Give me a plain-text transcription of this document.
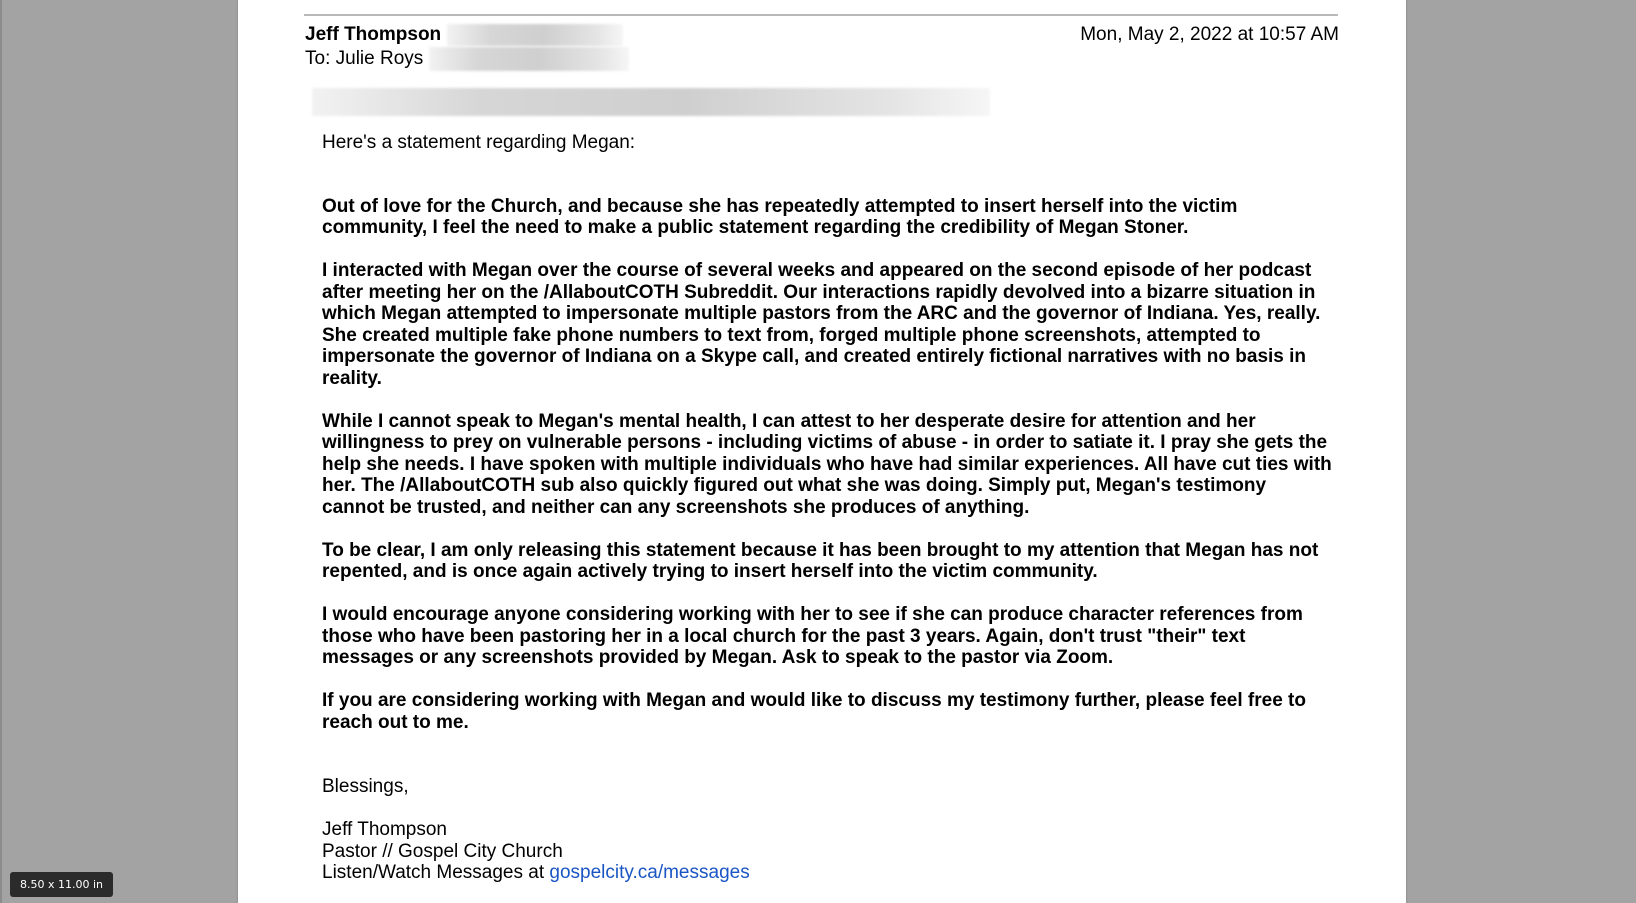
Jeff Thompson	Mon, May 2, 2022 at 10:57 AM
To: Julie Roys

Here's a statement regarding Megan:

Out of love for the Church, and because she has repeatedly attempted to insert herself into the victim community, I feel the need to make a public statement regarding the credibility of Megan Stoner.

I interacted with Megan over the course of several weeks and appeared on the second episode of her podcast after meeting her on the /AllaboutCOTH Subreddit. Our interactions rapidly devolved into a bizarre situation in which Megan attempted to impersonate multiple pastors from the ARC and the governor of Indiana. Yes, really. She created multiple fake phone numbers to text from, forged multiple phone screenshots, attempted to impersonate the governor of Indiana on a Skype call, and created entirely fictional narratives with no basis in reality.

While I cannot speak to Megan's mental health, I can attest to her desperate desire for attention and her willingness to prey on vulnerable persons - including victims of abuse - in order to satiate it. I pray she gets the help she needs. I have spoken with multiple individuals who have had similar experiences. All have cut ties with her. The /AllaboutCOTH sub also quickly figured out what she was doing. Simply put, Megan's testimony cannot be trusted, and neither can any screenshots she produces of anything.

To be clear, I am only releasing this statement because it has been brought to my attention that Megan has not repented, and is once again actively trying to insert herself into the victim community.

I would encourage anyone considering working with her to see if she can produce character references from those who have been pastoring her in a local church for the past 3 years. Again, don't trust "their" text messages or any screenshots provided by Megan. Ask to speak to the pastor via Zoom.

If you are considering working with Megan and would like to discuss my testimony further, please feel free to reach out to me.

Blessings,

Jeff Thompson
Pastor // Gospel City Church
Listen/Watch Messages at gospelcity.ca/messages

8.50 x 11.00 in
